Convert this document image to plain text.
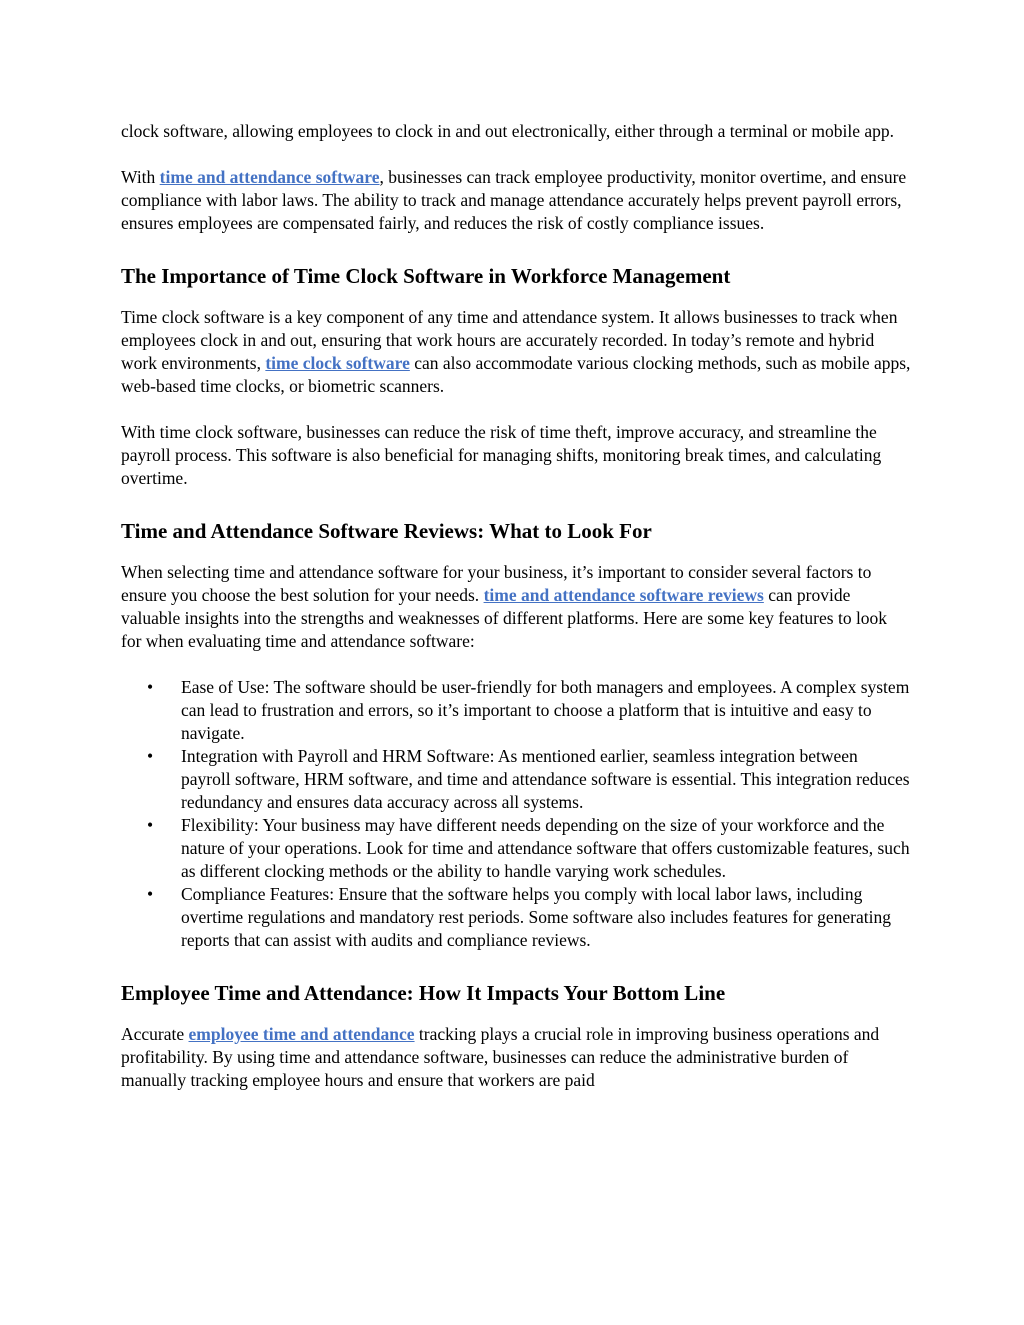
clock software, allowing employees to clock in and out electronically, either through a terminal or mobile app.

With time and attendance software, businesses can track employee productivity, monitor overtime, and ensure compliance with labor laws. The ability to track and manage attendance accurately helps prevent payroll errors, ensures employees are compensated fairly, and reduces the risk of costly compliance issues.

The Importance of Time Clock Software in Workforce Management

Time clock software is a key component of any time and attendance system. It allows businesses to track when employees clock in and out, ensuring that work hours are accurately recorded. In today’s remote and hybrid work environments, time clock software can also accommodate various clocking methods, such as mobile apps, web-based time clocks, or biometric scanners.

With time clock software, businesses can reduce the risk of time theft, improve accuracy, and streamline the payroll process. This software is also beneficial for managing shifts, monitoring break times, and calculating overtime.

Time and Attendance Software Reviews: What to Look For

When selecting time and attendance software for your business, it’s important to consider several factors to ensure you choose the best solution for your needs. time and attendance software reviews can provide valuable insights into the strengths and weaknesses of different platforms. Here are some key features to look for when evaluating time and attendance software:

• Ease of Use: The software should be user-friendly for both managers and employees. A complex system can lead to frustration and errors, so it’s important to choose a platform that is intuitive and easy to navigate.
• Integration with Payroll and HRM Software: As mentioned earlier, seamless integration between payroll software, HRM software, and time and attendance software is essential. This integration reduces redundancy and ensures data accuracy across all systems.
• Flexibility: Your business may have different needs depending on the size of your workforce and the nature of your operations. Look for time and attendance software that offers customizable features, such as different clocking methods or the ability to handle varying work schedules.
• Compliance Features: Ensure that the software helps you comply with local labor laws, including overtime regulations and mandatory rest periods. Some software also includes features for generating reports that can assist with audits and compliance reviews.
Employee Time and Attendance: How It Impacts Your Bottom Line

Accurate employee time and attendance tracking plays a crucial role in improving business operations and profitability. By using time and attendance software, businesses can reduce the administrative burden of manually tracking employee hours and ensure that workers are paid
